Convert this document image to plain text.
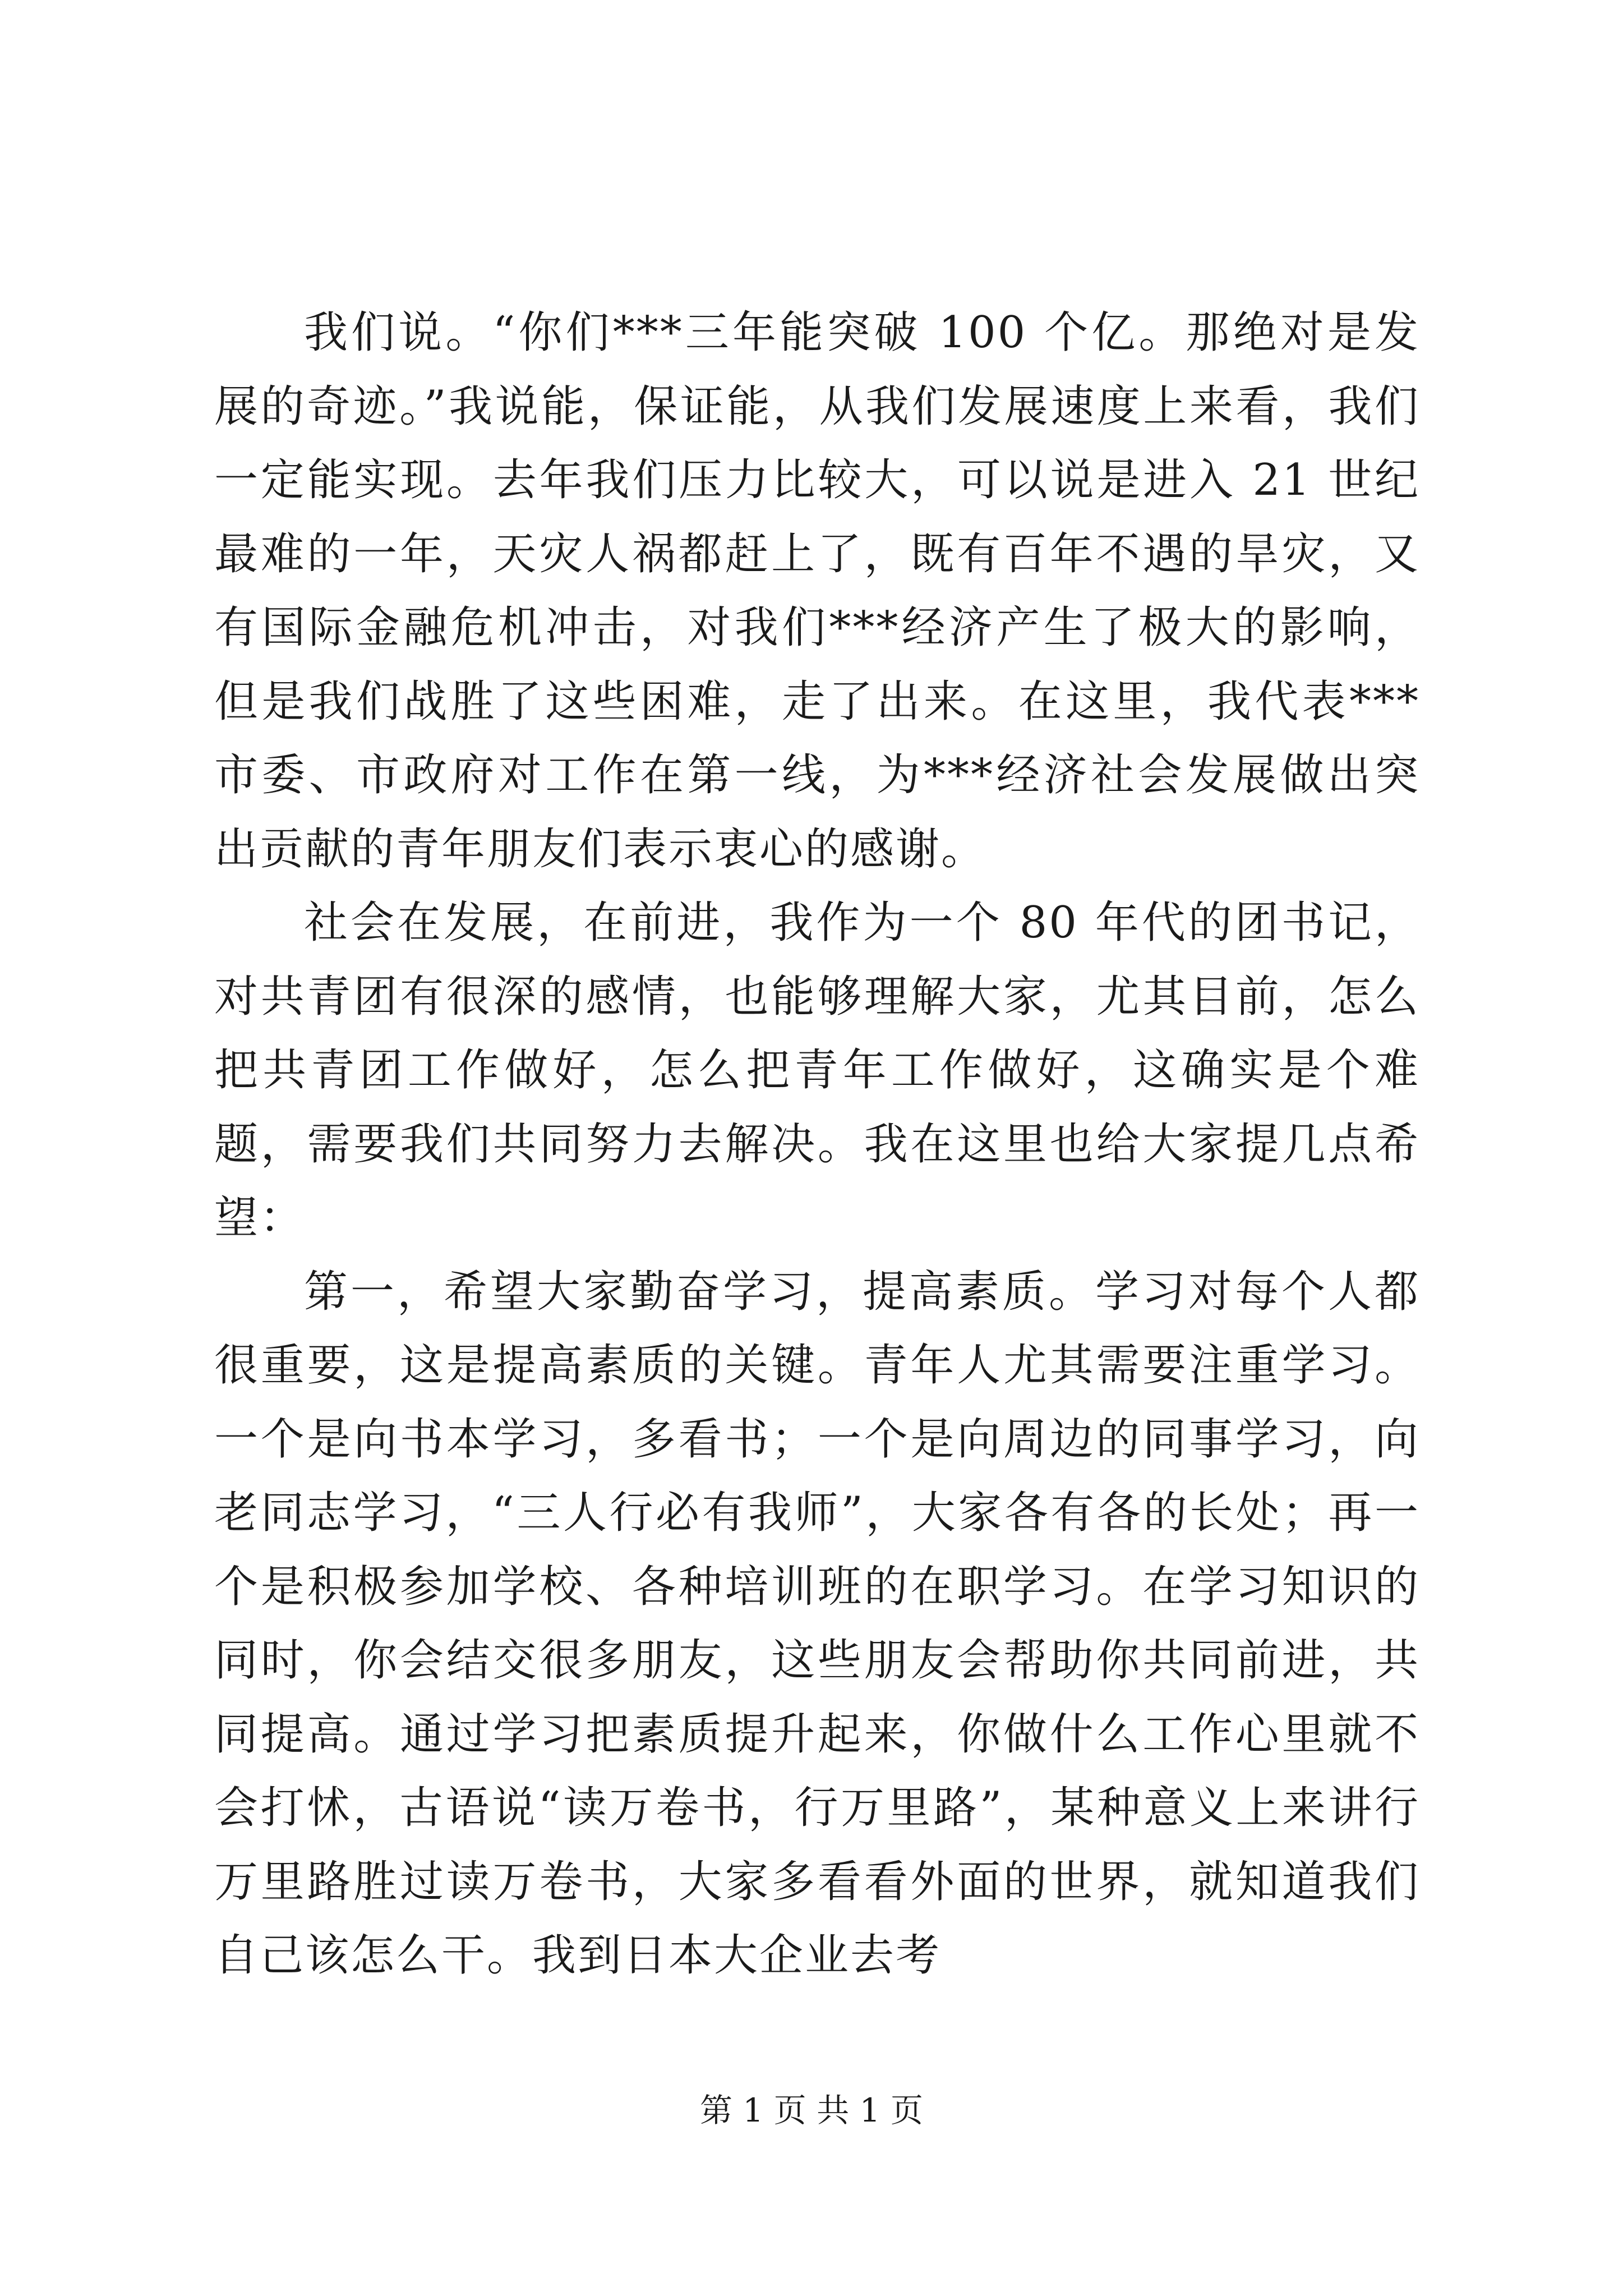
我们说。“你们***三年能突破 100 个亿。那绝对是发展的奇迹。”我说能，保证能，从我们发展速度上来看，我们一定能实现。去年我们压力比较大，可以说是进入 21 世纪最难的一年，天灾人祸都赶上了，既有百年不遇的旱灾，又有国际金融危机冲击，对我们***经济产生了极大的影响，但是我们战胜了这些困难，走了出来。在这里，我代表***市委、市政府对工作在第一线，为***经济社会发展做出突出贡献的青年朋友们表示衷心的感谢。

社会在发展，在前进，我作为一个 80 年代的团书记，对共青团有很深的感情，也能够理解大家，尤其目前，怎么把共青团工作做好，怎么把青年工作做好，这确实是个难题，需要我们共同努力去解决。我在这里也给大家提几点希望：

第一，希望大家勤奋学习，提高素质。学习对每个人都很重要，这是提高素质的关键。青年人尤其需要注重学习。一个是向书本学习，多看书；一个是向周边的同事学习，向老同志学习，“三人行必有我师”，大家各有各的长处；再一个是积极参加学校、各种培训班的在职学习。在学习知识的同时，你会结交很多朋友，这些朋友会帮助你共同前进，共同提高。通过学习把素质提升起来，你做什么工作心里就不会打怵，古语说“读万卷书，行万里路”，某种意义上来讲行万里路胜过读万卷书，大家多看看外面的世界，就知道我们自己该怎么干。我到日本大企业去考

第 1 页 共 1 页
